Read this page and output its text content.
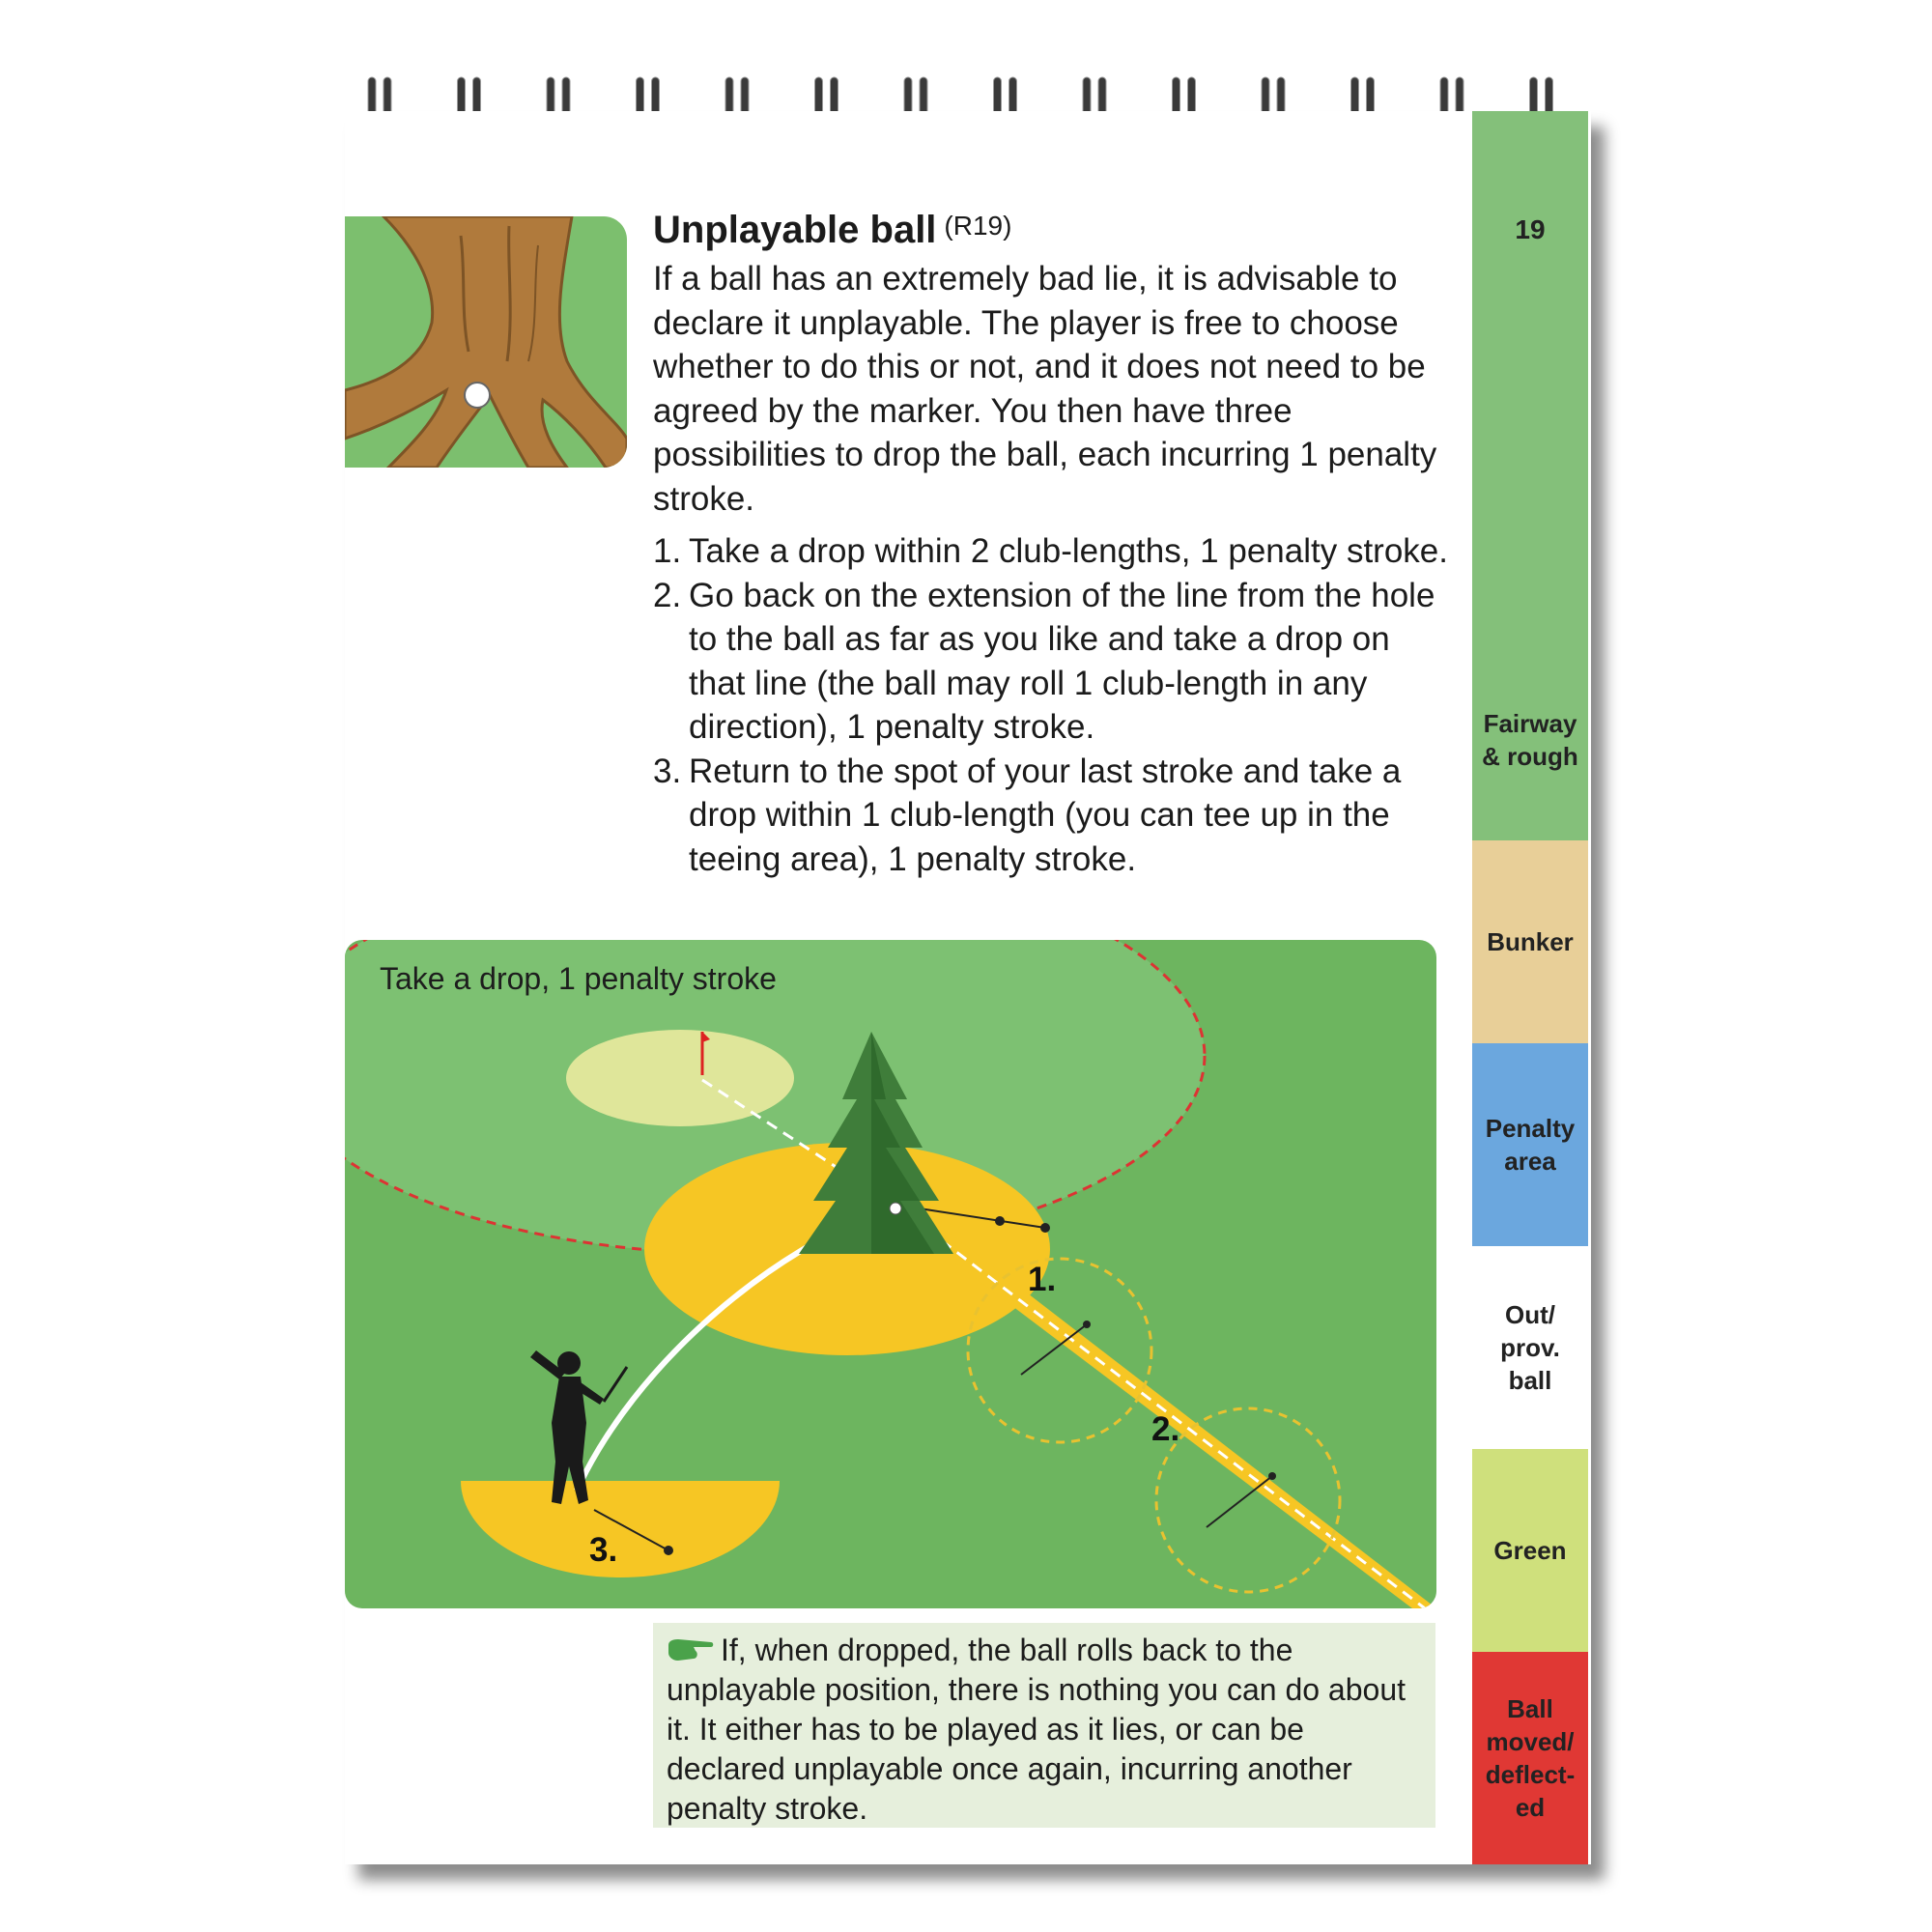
Unplayable ball $^{(R19)}$
If a ball has an extremely bad lie, it is advisable to declare it unplayable. The player is free to choose whether to do this or not, and it does not need to be agreed by the marker. You then have three possibilities to drop the ball, each incurring 1 penalty stroke.
1. Take a drop within 2 club-lengths, 1 penalty stroke.
2. Go back on the extension of the line from the hole to the ball as far as you like and take a drop on that line (the ball may roll 1 club-length in any direction), 1 penalty stroke.
3. Return to the spot of your last stroke and take a drop within 1 club-length (you can tee up in the teeing area), 1 penalty stroke.
Take a drop, 1 penalty stroke
1.
2.
3.

If, when dropped, the ball rolls back to the unplayable position, there is nothing you can do about it. It either has to be played as it lies, or can be declared unplayable once again, incurring another penalty stroke.

Fairway & rough
Bunker
Penalty area
Out/ prov. ball
Green
Ball moved/ deflect-ed
19
